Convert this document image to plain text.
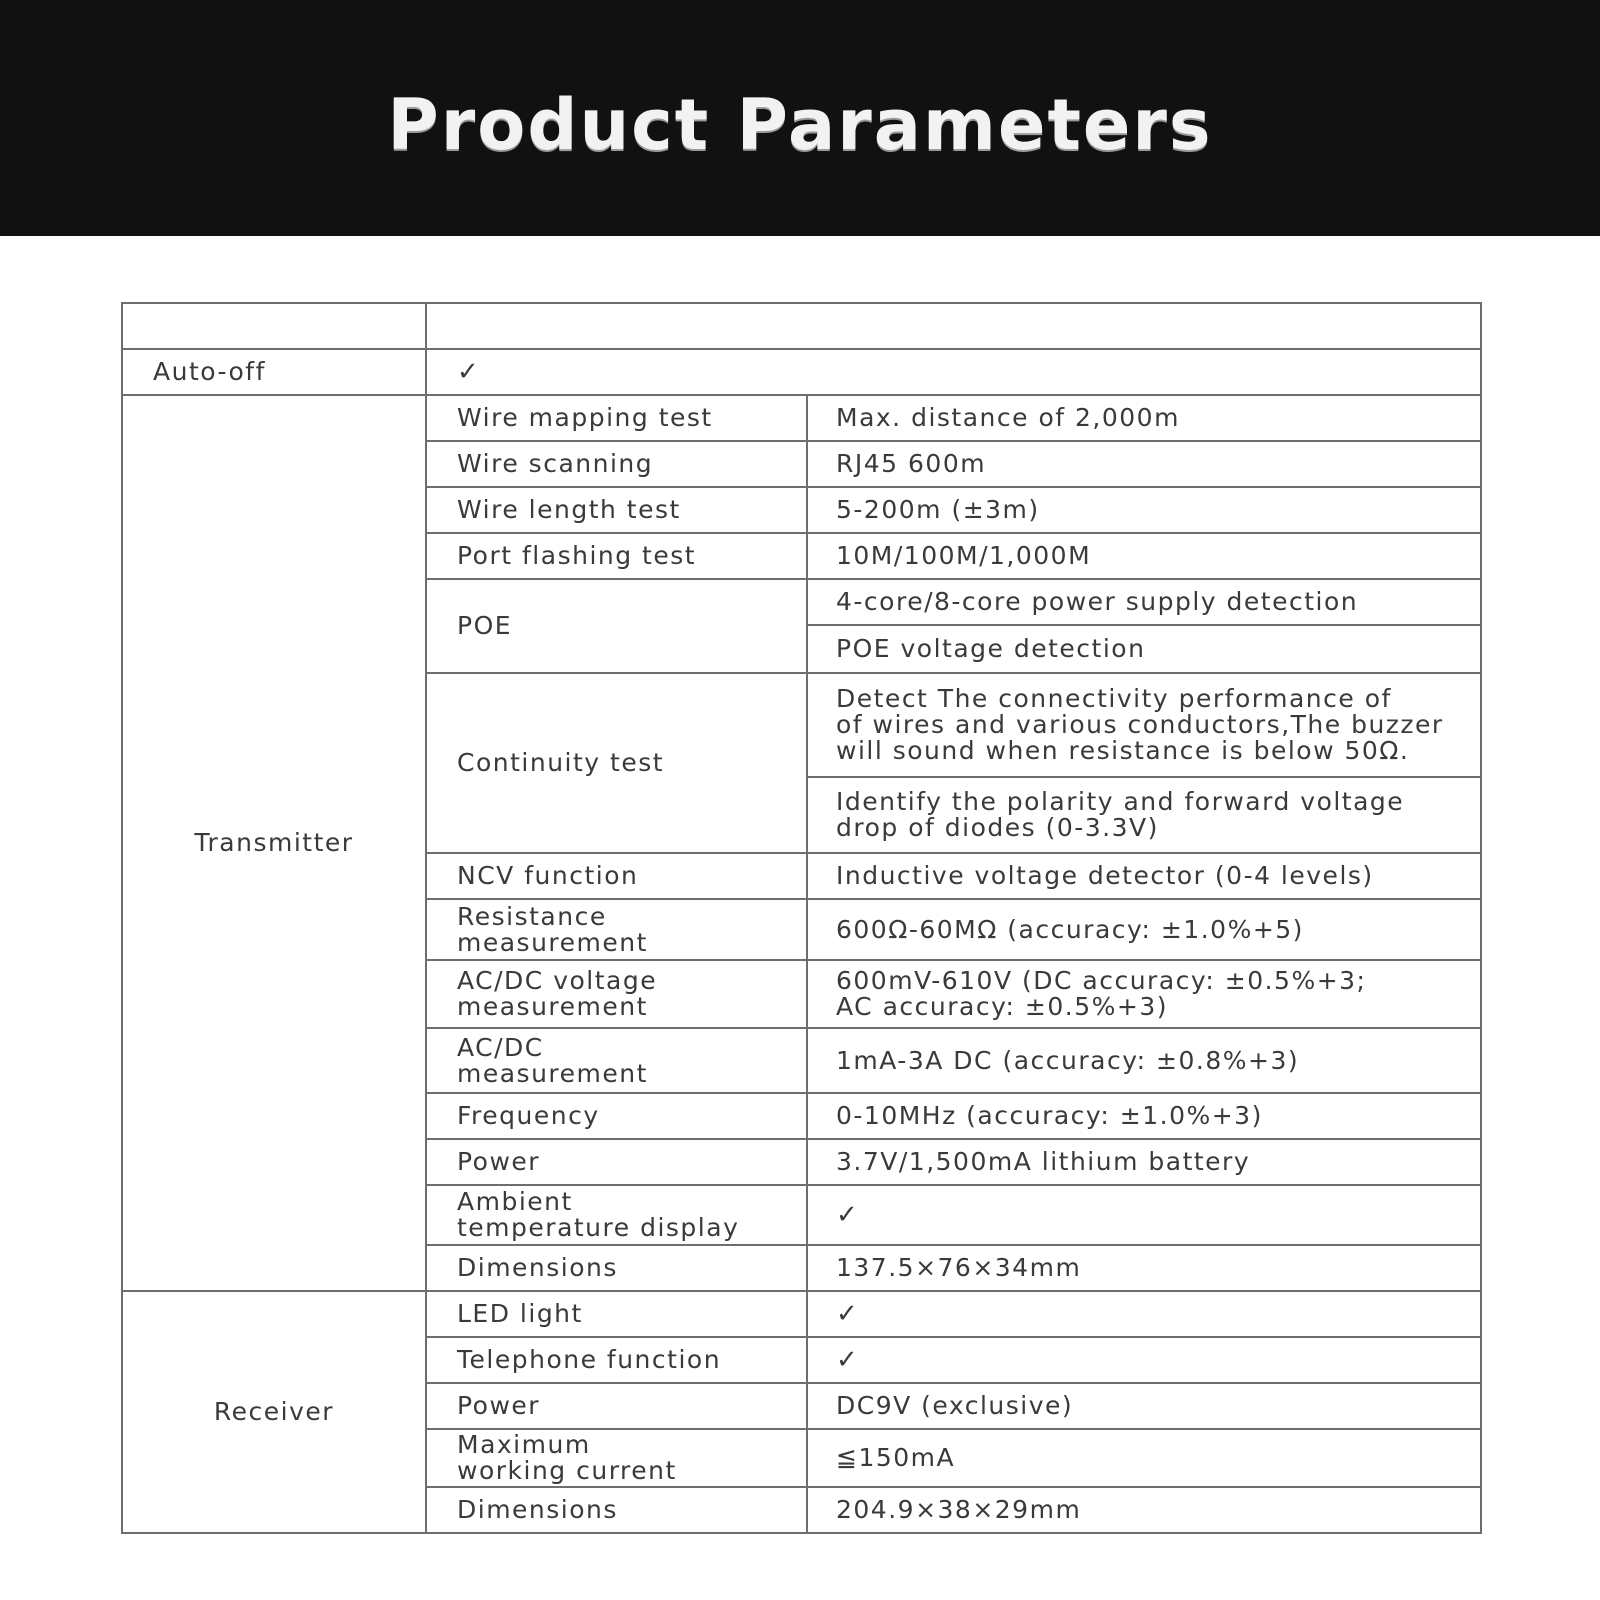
Product Parameters

Auto-off	✓	
Transmitter	Wire mapping test	Max. distance of 2,000m
	Wire scanning	RJ45 600m
	Wire length test	5-200m (±3m)
	Port flashing test	10M/100M/1,000M
	POE	4-core/8-core power supply detection
		POE voltage detection
	Continuity test	Detect The connectivity performance of
of wires and various conductors,The buzzer
will sound when resistance is below 50Ω.
		Identify the polarity and forward voltage
drop of diodes (0-3.3V)
	NCV function	Inductive voltage detector (0-4 levels)
	Resistance
measurement	600Ω-60MΩ (accuracy: ±1.0%+5)
	AC/DC voltage
measurement	600mV-610V (DC accuracy: ±0.5%+3;
AC accuracy: ±0.5%+3)
	AC/DC
measurement	1mA-3A DC (accuracy: ±0.8%+3)
	Frequency	0-10MHz (accuracy: ±1.0%+3)
	Power	3.7V/1,500mA lithium battery
	Ambient
temperature display	✓
	Dimensions	137.5×76×34mm

Receiver	LED light	✓
	Telephone function	✓
	Power	DC9V (exclusive)
	Maximum
working current	≦150mA
	Dimensions	204.9×38×29mm
